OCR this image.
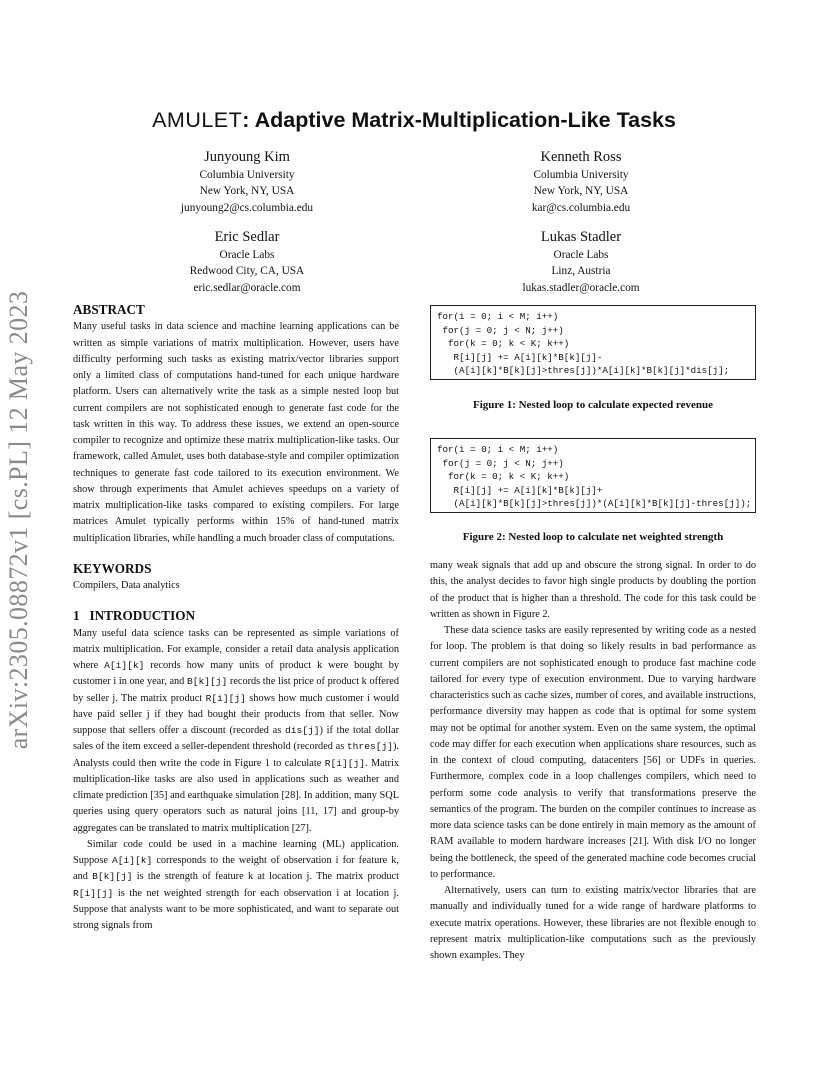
AMULET: Adaptive Matrix-Multiplication-Like Tasks
Junyoung Kim
Columbia University
New York, NY, USA
junyoung2@cs.columbia.edu
Kenneth Ross
Columbia University
New York, NY, USA
kar@cs.columbia.edu
Eric Sedlar
Oracle Labs
Redwood City, CA, USA
eric.sedlar@oracle.com
Lukas Stadler
Oracle Labs
Linz, Austria
lukas.stadler@oracle.com
arXiv:2305.08872v1 [cs.PL] 12 May 2023	ABSTRACT

Many useful tasks in data science and machine learning applications can be written as simple variations of matrix multiplication. However, users have difficulty performing such tasks as existing matrix/vector libraries support only a limited class of computations hand-tuned for each unique hardware platform. Users can alternatively write the task as a simple nested loop but current compilers are not sophisticated enough to generate fast code for the task written in this way. To address these issues, we extend an open-source compiler to recognize and optimize these matrix multiplication-like tasks. Our framework, called Amulet, uses both database-style and compiler optimization techniques to generate fast code tailored to its execution environment. We show through experiments that Amulet achieves speedups on a variety of matrix multiplication-like tasks compared to existing compilers. For large matrices Amulet typically performs within 15% of hand-tuned matrix multiplication libraries, while handling a much broader class of computations.

KEYWORDS

Compilers, Data analytics

1 INTRODUCTION

Many useful data science tasks can be represented as simple variations of matrix multiplication. For example, consider a retail data analysis application where A[i][k] records how many units of product k were bought by customer i in one year, and B[k][j] records the list price of product k offered by seller j. The matrix product R[i][j] shows how much customer i would have paid seller j if they had bought their products from that seller. Now suppose that sellers offer a discount (recorded as dis[j]) if the total dollar sales of the item exceed a seller-dependent threshold (recorded as thres[j]). Analysts could then write the code in Figure 1 to calculate R[i][j]. Matrix multiplication-like tasks are also used in applications such as weather and climate prediction [35] and earthquake simulation [28]. In addition, many SQL queries using query operators such as natural joins [11, 17] and group-by aggregates can be translated to matrix multiplication [27].

Similar code could be used in a machine learning (ML) application. Suppose A[i][k] corresponds to the weight of observation i for feature k, and B[k][j] is the strength of feature k at location j. The matrix product R[i][j] is the net weighted strength for each observation i at location j. Suppose that analysts want to be more sophisticated, and want to separate out strong signals from

for(i = 0; i < M; i++)
for(j = 0; j < N; j++)
for(k = 0; k < K; k++)
R[i][j] += A[i][k]*B[k][j]-
(A[i][k]*B[k][j]>thres[j])*A[i][k]*B[k][j]*dis[j];
Figure 1: Nested loop to calculate expected revenue
for(i = 0; i < M; i++)
for(j = 0; j < N; j++)
for(k = 0; k < K; k++)
R[i][j] += A[i][k]*B[k][j]+
(A[i][k]*B[k][j]>thres[j])*(A[i][k]*B[k][j]-thres[j]);
Figure 2: Nested loop to calculate net weighted strength

many weak signals that add up and obscure the strong signal. In order to do this, the analyst decides to favor high single products by doubling the portion of the product that is higher than a threshold. The code for this task could be written as shown in Figure 2.

These data science tasks are easily represented by writing code as a nested for loop. The problem is that doing so likely results in bad performance as current compilers are not sophisticated enough to produce fast machine code tailored for every type of execution environment. Due to varying hardware characteristics such as cache sizes, number of cores, and available instructions, performance diversity may happen as code that is optimal for some system may not be optimal for another system. Even on the same system, the optimal code may differ for each execution when applications share resources, such as in the context of cloud computing, datacenters [56] or UDFs in queries. Furthermore, complex code in a loop challenges compilers, which need to perform some code analysis to verify that transformations preserve the semantics of the program. The burden on the compiler continues to increase as more data science tasks can be done entirely in main memory as the amount of RAM available to modern hardware increases [21]. With disk I/O no longer being the bottleneck, the speed of the generated machine code becomes crucial to performance.

Alternatively, users can turn to existing matrix/vector libraries that are manually and individually tuned for a wide range of hardware platforms to execute matrix operations. However, these libraries are not flexible enough to represent matrix multiplication-like computations such as the previously shown examples. They
